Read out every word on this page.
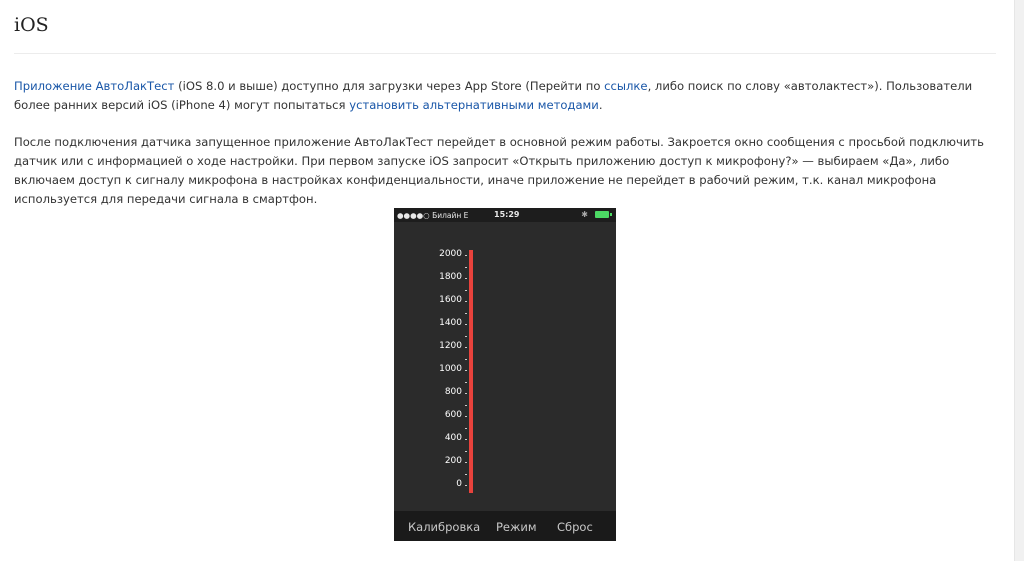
iOS

Приложение АвтоЛакТест (iOS 8.0 и выше) доступно для загрузки через App Store (Перейти по ссылке, либо поиск по слову «автолактест»). Пользователи более ранних версий iOS (iPhone 4) могут попытаться установить альтернативными методами.

После подключения датчика запущенное приложение АвтоЛакТест перейдет в основной режим работы. Закроется окно сообщения с просьбой подключить датчик или с информацией о ходе настройки. При первом запуске iOS запросит «Открыть приложению доступ к микрофону?» — выбираем «Да», либо включаем доступ к сигналу микрофона в настройках конфиденциальности, иначе приложение не перейдет в рабочий режим, т.к. канал микрофона используется для передачи сигнала в смартфон.

●●●●○ Билайн E	15:29	✱
2000
1800
1600
1400
1200
1000
800
600
400
200
0
Калибровка Режим Сброс
